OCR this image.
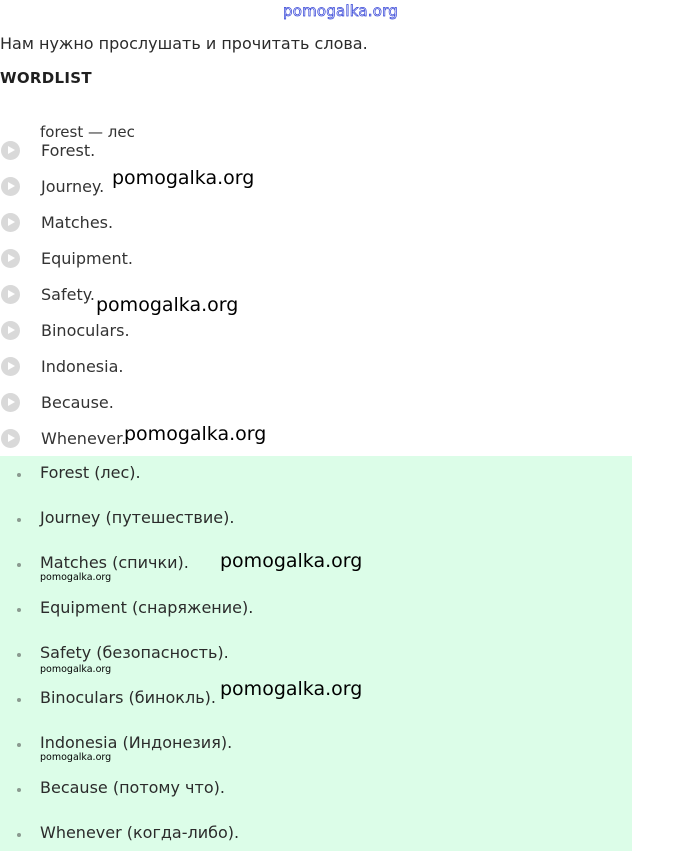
pomogalka.org
Нам нужно прослушать и прочитать слова.
WORDLIST
forest — лес
Forest.
Journey.
Matches.
Equipment.
Safety.
Binoculars.
Indonesia.
Because.
Whenever.
Forest (лес).
Journey (путешествие).
Matches (спички).
Equipment (снаряжение).
Safety (безопасность).
Binoculars (бинокль).
Indonesia (Индонезия).
Because (потому что).
Whenever (когда-либо).
pomogalka.org
pomogalka.org
pomogalka.org
pomogalka.org
pomogalka.org
pomogalka.org
pomogalka.org
pomogalka.org
